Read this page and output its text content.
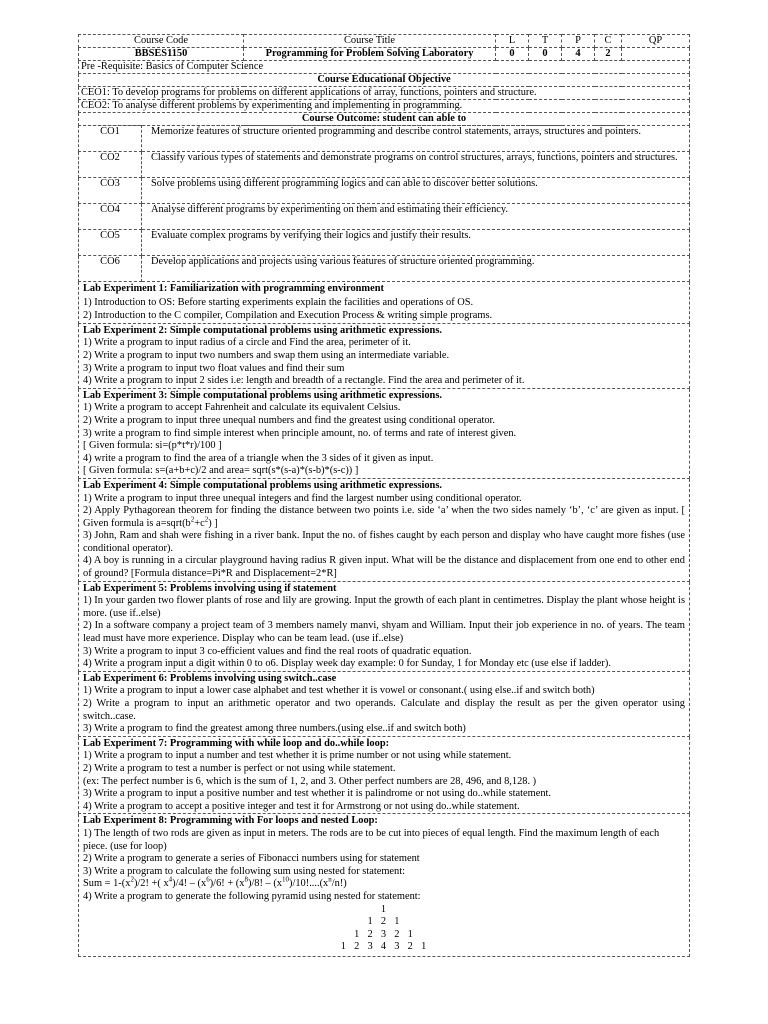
Course Code	Course Title	L	T	P	C	QP
BBSES1150	Programming for Problem Solving Laboratory	0	0	4	2	
Pre -Requisite: Basics of Computer Science						
Course Educational Objective						
CEO1: To develop programs for problems on different applications of array, functions, pointers and structure.						
CEO2: To analyse different problems by experimenting and implementing in programming.						
Course Outcome: student can able to						
CO1	Memorize features of structure oriented programming and describe control statements, arrays, structures and pointers.
CO2	Classify various types of statements and demonstrate programs on control structures, arrays, functions, pointers and structures.
CO3	Solve problems using different programming logics and can able to discover better solutions.
CO4	Analyse different programs by experimenting on them and estimating their efficiency.
CO5	Evaluate complex programs by verifying their logics and justify their results.
CO6	Develop applications and projects using various features of structure oriented programming.

Lab Experiment 1: Familiarization with programming environment

1) Introduction to OS: Before starting experiments explain the facilities and operations of OS.

2) Introduction to the C compiler, Compilation and Execution Process & writing simple programs.

Lab Experiment 2: Simple computational problems using arithmetic expressions.

1) Write a program to input radius of a circle and Find the area, perimeter of it.

2) Write a program to input two numbers and swap them using an intermediate variable.

3) Write a program to input two float values and find their sum

4) Write a program to input 2 sides i.e: length and breadth of a rectangle. Find the area and perimeter of it.

Lab Experiment 3: Simple computational problems using arithmetic expressions.

1) Write a program to accept Fahrenheit and calculate its equivalent Celsius.

2) Write a program to input three unequal numbers and find the greatest using conditional operator.

3) write a program to find simple interest when principle amount, no. of terms and rate of interest given.

[ Given formula: si=(p*t*r)/100 ]

4) write a program to find the area of a triangle when the 3 sides of it given as input.

[ Given formula: s=(a+b+c)/2 and area= sqrt(s*(s-a)*(s-b)*(s-c)) ]

Lab Experiment 4: Simple computational problems using arithmetic expressions.

1) Write a program to input three unequal integers and find the largest number using conditional operator.

2) Apply Pythagorean theorem for finding the distance between two points i.e. side ‘a’ when the two sides namely ‘b’, ‘c’ are given as input. [ Given formula is $a=sqrt(b^2+c^2)$ ]

3) John, Ram and shah were fishing in a river bank. Input the no. of fishes caught by each person and display who have caught more fishes (use conditional operator).

4) A boy is running in a circular playground having radius R given input. What will be the distance and displacement from one end to other end of ground? [Formula distance=Pi*R and Displacement=2*R]

Lab Experiment 5: Problems involving using if statement

1) In your garden two flower plants of rose and lily are growing. Input the growth of each plant in centimetres. Display the plant whose height is more. (use if..else)

2) In a software company a project team of 3 members namely manvi, shyam and William. Input their job experience in no. of years. The team lead must have more experience. Display who can be team lead. (use if..else)

3) Write a program to input 3 co-efficient values and find the real roots of quadratic equation.

4) Write a program input a digit within 0 to o6. Display week day example: 0 for Sunday, 1 for Monday etc (use else if ladder).

Lab Experiment 6: Problems involving using switch..case

1) Write a program to input a lower case alphabet and test whether it is vowel or consonant.( using else..if and switch both)

2) Write a program to input an arithmetic operator and two operands. Calculate and display the result as per the given operator using switch..case.

3) Write a program to find the greatest among three numbers.(using else..if and switch both)

Lab Experiment 7: Programming with while loop and do..while loop:

1) Write a program to input a number and test whether it is prime number or not using while statement.

2) Write a program to test a number is perfect or not using while statement.

(ex: The perfect number is 6, which is the sum of 1, 2, and 3. Other perfect numbers are 28, 496, and 8,128. )

3) Write a program to input a positive number and test whether it is palindrome or not using do..while statement.

4) Write a program to accept a positive integer and test it for Armstrong or not using do..while statement.

Lab Experiment 8: Programming with For loops and nested Loop:

1) The length of two rods are given as input in meters. The rods are to be cut into pieces of equal length. Find the maximum length of each piece. (use for loop)

2) Write a program to generate a series of Fibonacci numbers using for statement

3) Write a program to calculate the following sum using nested for statement:

Sum = $1-(x^2)/2$! +( $x^4)/4$! – $(x^6)/6$! + $(x^8)/8$! – $(x^{10})/10!....(x^n/n!)$

4) Write a program to generate the following pyramid using nested for statement:

1

1  2  1

1  2  3  2  1

1  2  3  4  3  2  1
